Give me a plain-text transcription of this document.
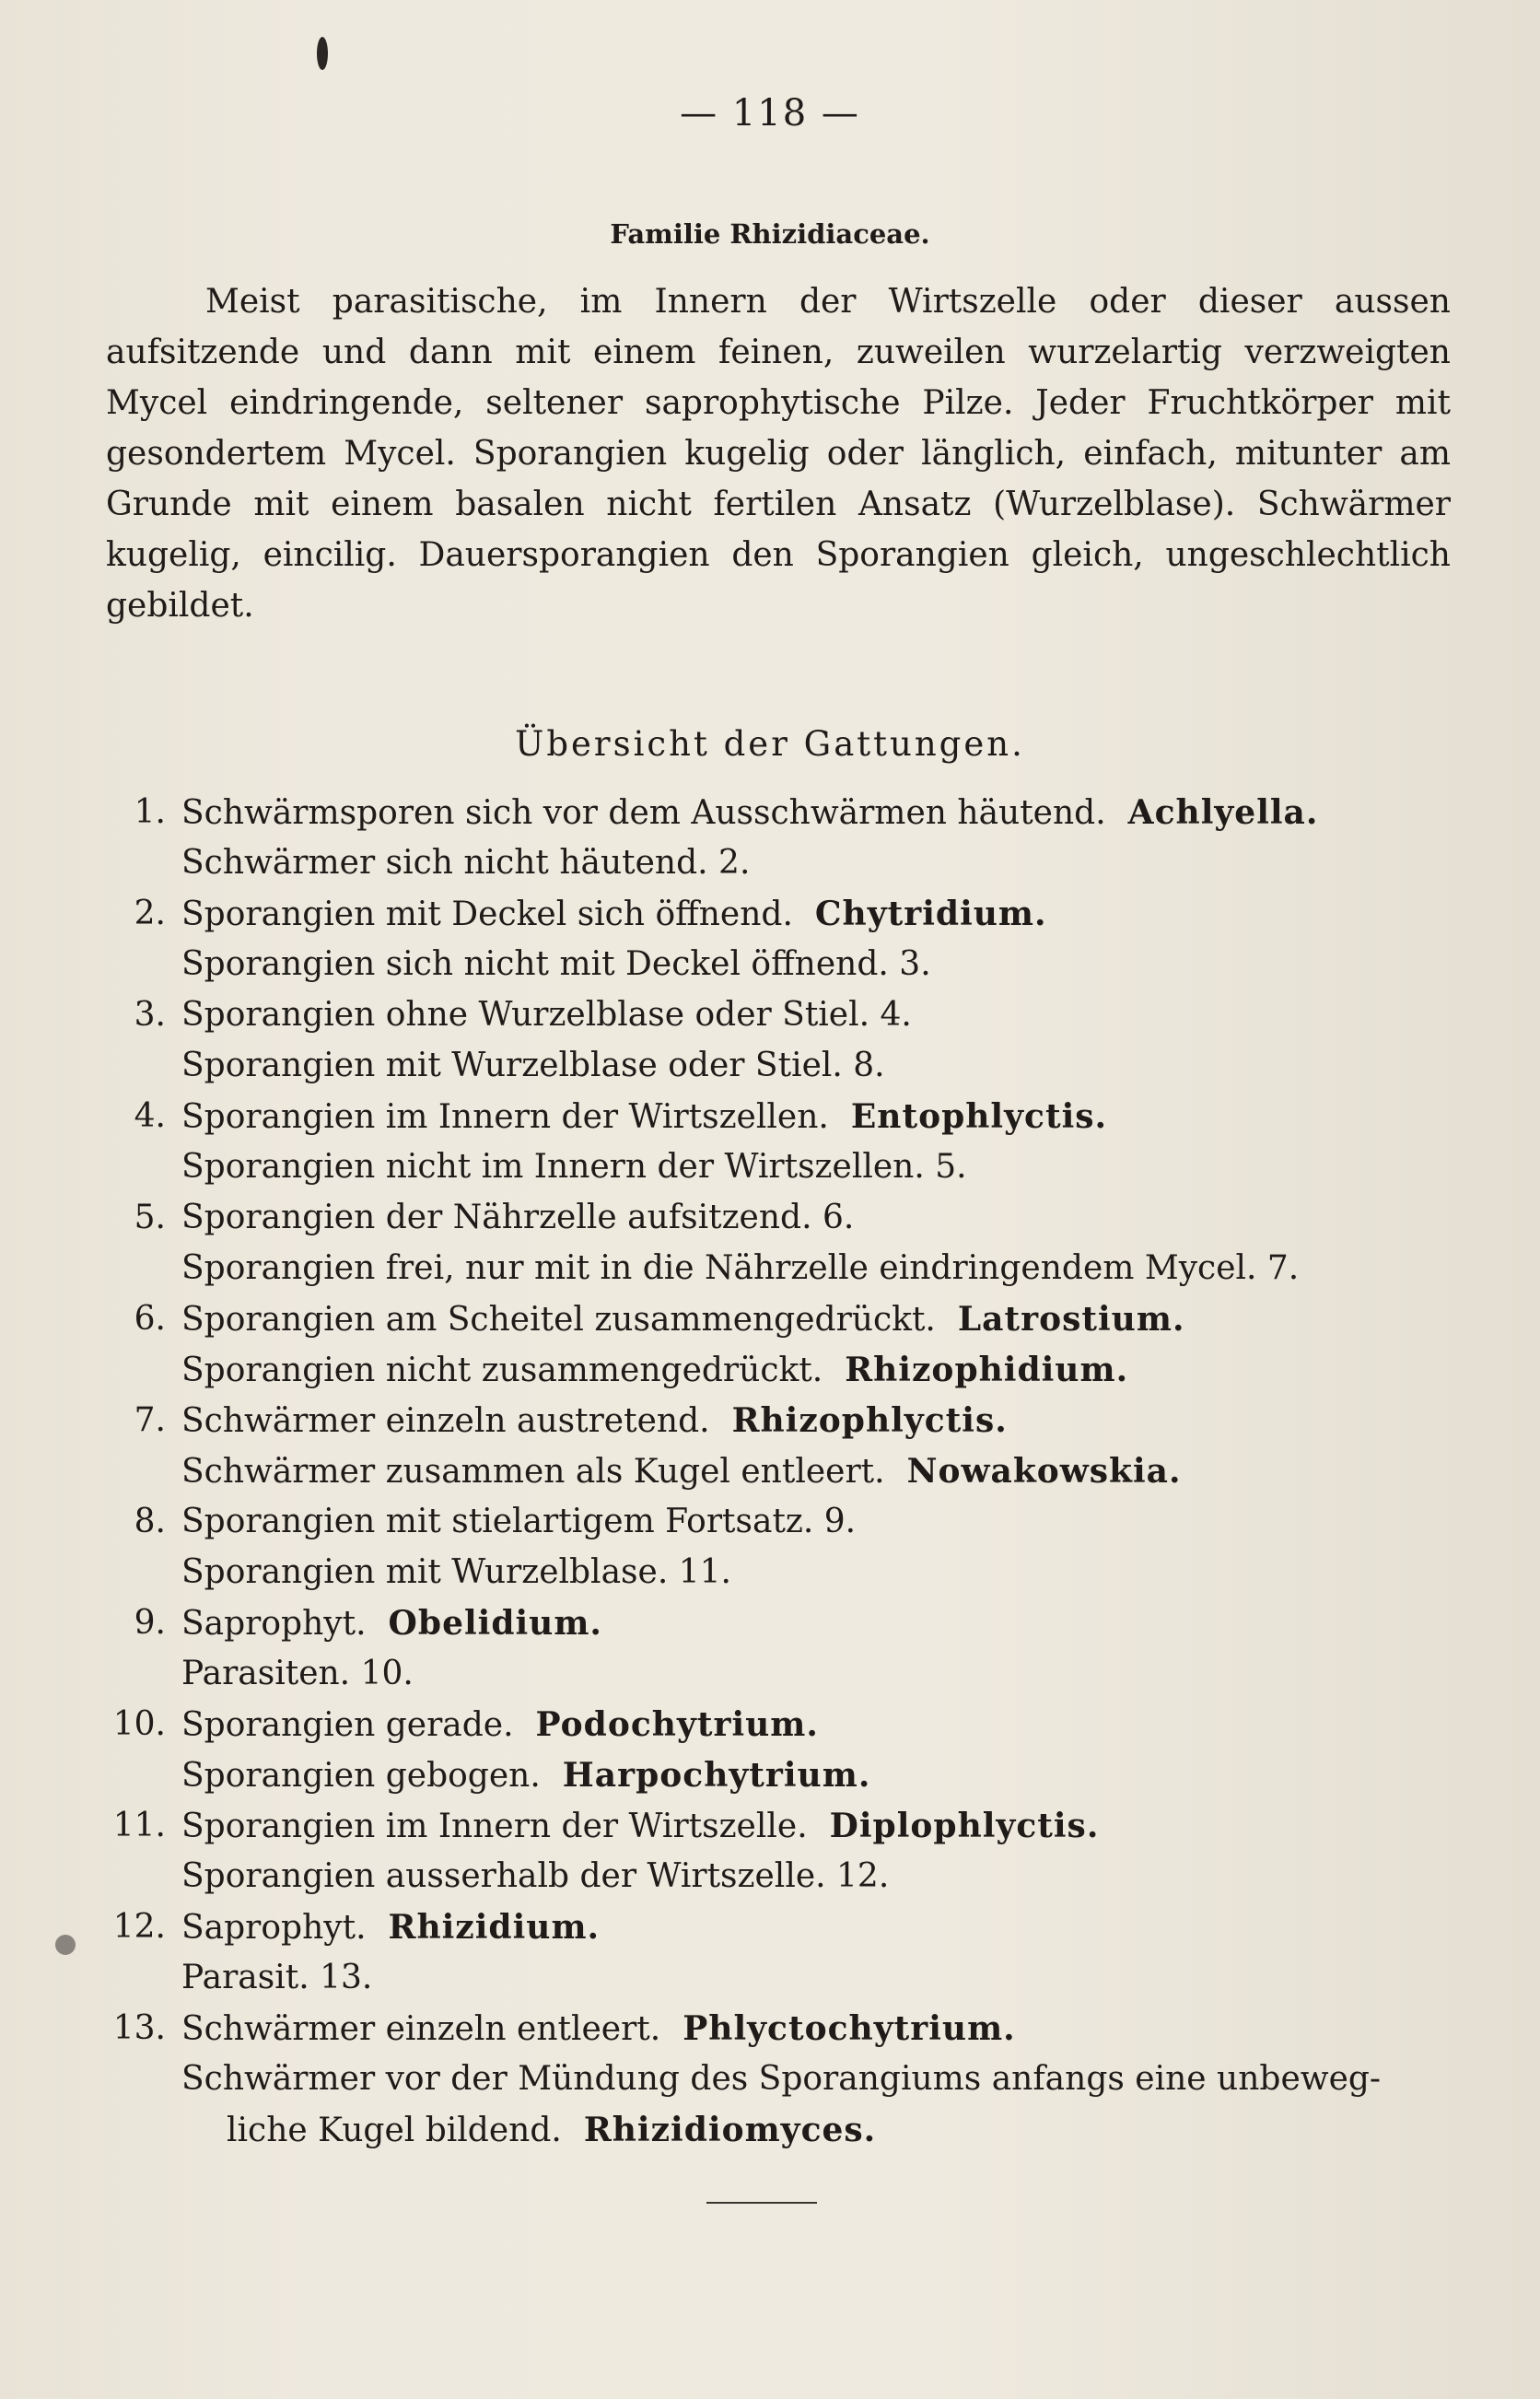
— 118 —
Familie Rhizidiaceae.

Meist parasitische, im Innern der Wirtszelle oder dieser aussen aufsitzende und dann mit einem feinen, zuweilen wurzelartig verzweigten Mycel eindringende, seltener saprophytische Pilze. Jeder Fruchtkörper mit gesondertem Mycel. Sporangien kugelig oder länglich, einfach, mitunter am Grunde mit einem basalen nicht fertilen Ansatz (Wurzelblase). Schwärmer kugelig, eincilig. Dauersporangien den Sporangien gleich, ungeschlechtlich gebildet.

Übersicht der Gattungen.
1. Schwärmsporen sich vor dem Ausschwärmen häutend. Achlyella.
Schwärmer sich nicht häutend. 2.
2. Sporangien mit Deckel sich öffnend. Chytridium.
Sporangien sich nicht mit Deckel öffnend. 3.
3. Sporangien ohne Wurzelblase oder Stiel. 4.
Sporangien mit Wurzelblase oder Stiel. 8.
4. Sporangien im Innern der Wirtszellen. Entophlyctis.
Sporangien nicht im Innern der Wirtszellen. 5.
5. Sporangien der Nährzelle aufsitzend. 6.
Sporangien frei, nur mit in die Nährzelle eindringendem Mycel. 7.
6. Sporangien am Scheitel zusammengedrückt. Latrostium.
Sporangien nicht zusammengedrückt. Rhizophidium.
7. Schwärmer einzeln austretend. Rhizophlyctis.
Schwärmer zusammen als Kugel entleert. Nowakowskia.
8. Sporangien mit stielartigem Fortsatz. 9.
Sporangien mit Wurzelblase. 11.
9. Saprophyt. Obelidium.
Parasiten. 10.
10. Sporangien gerade. Podochytrium.
Sporangien gebogen. Harpochytrium.
11. Sporangien im Innern der Wirtszelle. Diplophlyctis.
Sporangien ausserhalb der Wirtszelle. 12.
12. Saprophyt. Rhizidium.
Parasit. 13.
13. Schwärmer einzeln entleert. Phlyctochytrium.
Schwärmer vor der Mündung des Sporangiums anfangs eine unbeweg-
liche Kugel bildend. Rhizidiomyces.
